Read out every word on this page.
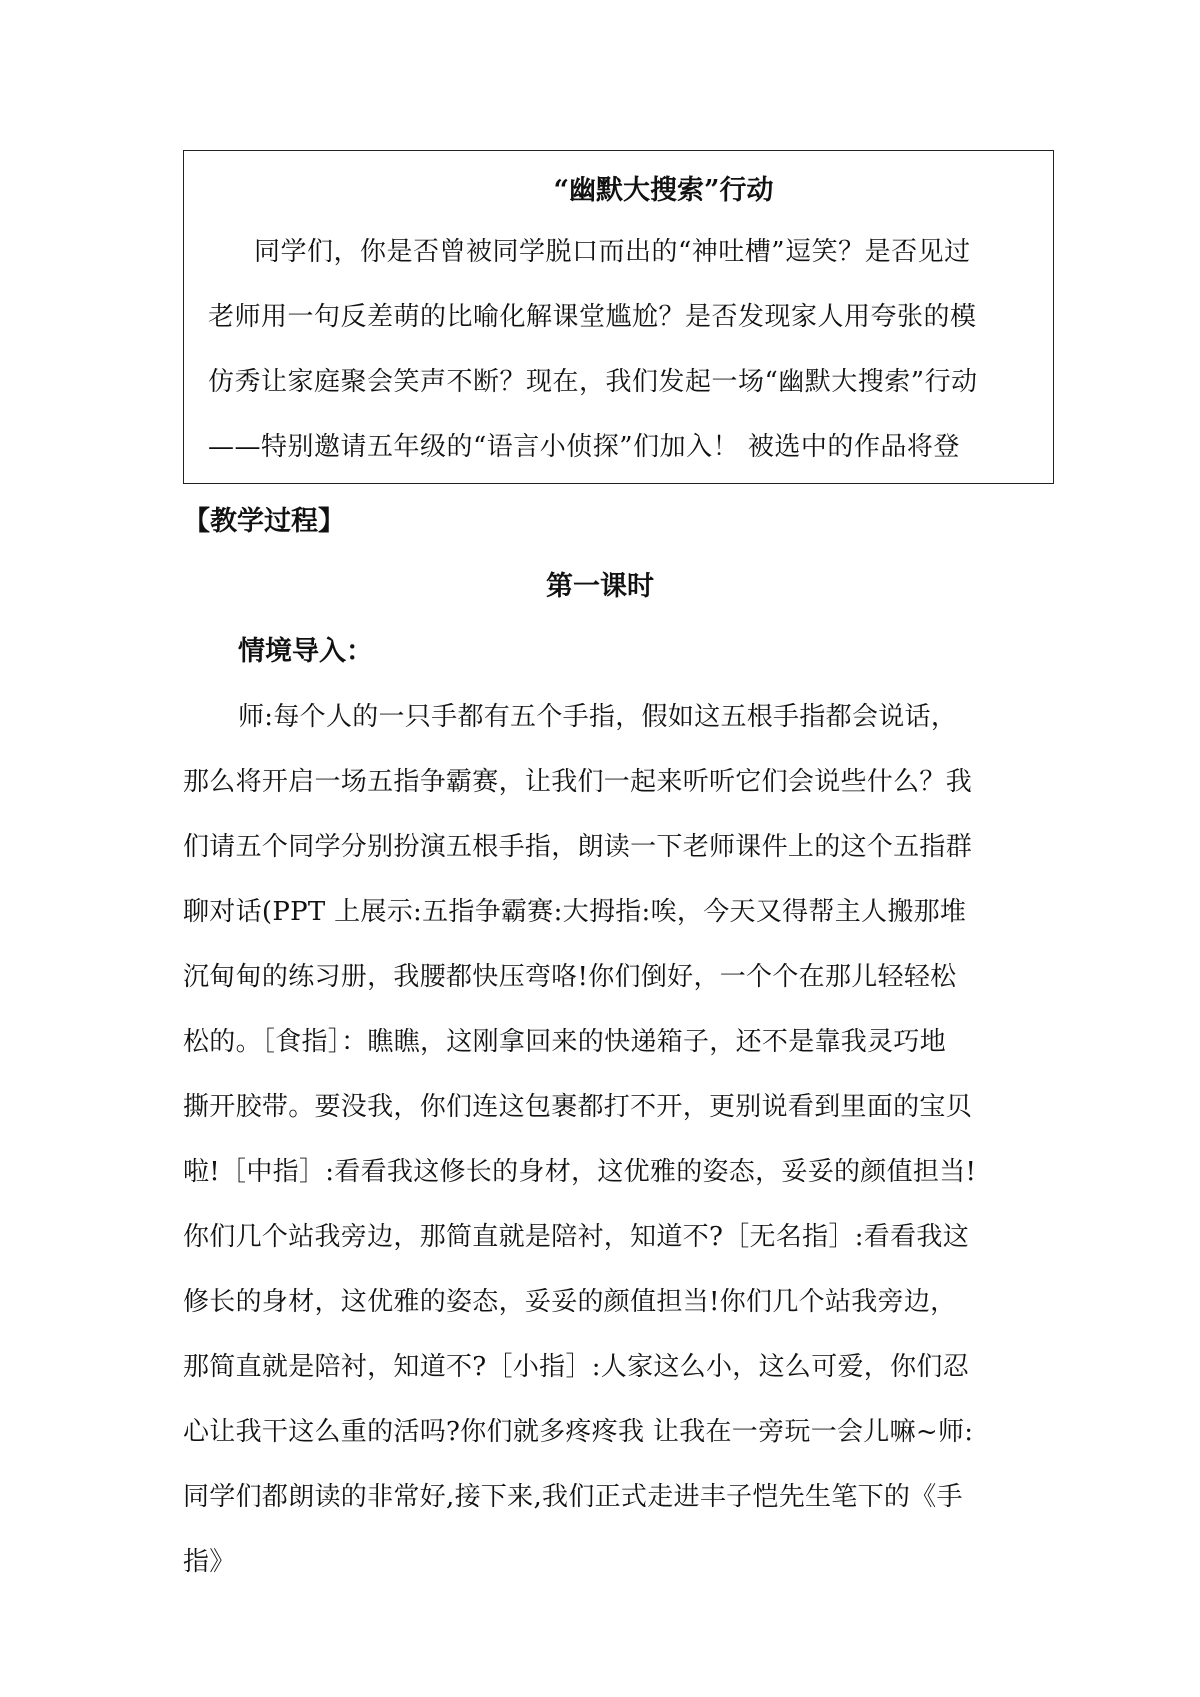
“幽默大搜索”行动
同学们，你是否曾被同学脱口而出的“神吐槽”逗笑？是否见过
老师用一句反差萌的比喻化解课堂尴尬？是否发现家人用夸张的模
仿秀让家庭聚会笑声不断？现在，我们发起一场“幽默大搜索”行动
——特别邀请五年级的“语言小侦探”们加入！ 被选中的作品将登
【教学过程】
第一课时
情境导入：
师:每个人的一只手都有五个手指，假如这五根手指都会说话，
那么将开启一场五指争霸赛，让我们一起来听听它们会说些什么？我
们请五个同学分别扮演五根手指，朗读一下老师课件上的这个五指群
聊对话(PPT 上展示:五指争霸赛:大拇指:唉，今天又得帮主人搬那堆
沉甸甸的练习册，我腰都快压弯咯!你们倒好，一个个在那儿轻轻松
松的。［食指］：瞧瞧，这刚拿回来的快递箱子，还不是靠我灵巧地
撕开胶带。要没我，你们连这包裹都打不开，更别说看到里面的宝贝
啦!［中指］:看看我这修长的身材，这优雅的姿态，妥妥的颜值担当!
你们几个站我旁边，那简直就是陪衬，知道不?［无名指］:看看我这
修长的身材，这优雅的姿态，妥妥的颜值担当!你们几个站我旁边，
那简直就是陪衬，知道不?［小指］:人家这么小，这么可爱，你们忍
心让我干这么重的活吗?你们就多疼疼我 让我在一旁玩一会儿嘛~师:
同学们都朗读的非常好,接下来,我们正式走进丰子恺先生笔下的《手
指》
